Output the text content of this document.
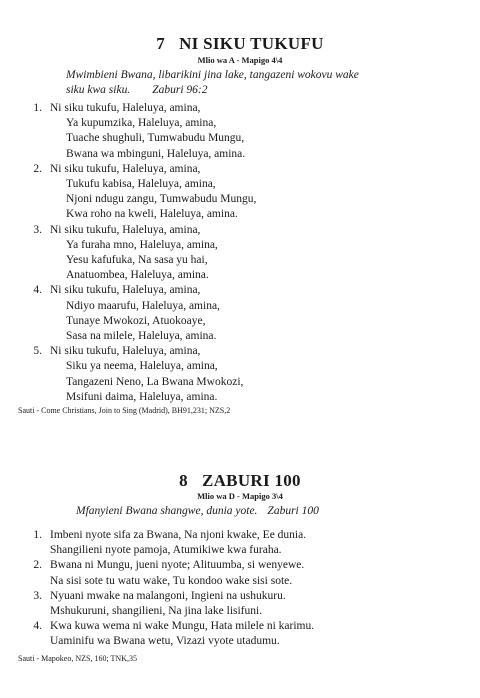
7 NI SIKU TUKUFU
Mlio wa A - Mapigo 4\4
Mwimbieni Bwana, libarikini jina lake, tangazeni wokovu wake
siku kwa siku. Zaburi 96:2
1. Ni siku tukufu, Haleluya, amina,
Ya kupumzika, Haleluya, amina,
Tuache shughuli, Tumwabudu Mungu,
Bwana wa mbinguni, Haleluya, amina.
2. Ni siku tukufu, Haleluya, amina,
Tukufu kabisa, Haleluya, amina,
Njoni ndugu zangu, Tumwabudu Mungu,
Kwa roho na kweli, Haleluya, amina.
3. Ni siku tukufu, Haleluya, amina,
Ya furaha mno, Haleluya, amina,
Yesu kafufuka, Na sasa yu hai,
Anatuombea, Haleluya, amina.
4. Ni siku tukufu, Haleluya, amina,
Ndiyo maarufu, Haleluya, amina,
Tunaye Mwokozi, Atuokoaye,
Sasa na milele, Haleluya, amina.
5. Ni siku tukufu, Haleluya, amina,
Siku ya neema, Haleluya, amina,
Tangazeni Neno, La Bwana Mwokozi,
Msifuni daima, Haleluya, amina.
Sauti - Come Christians, Join to Sing (Madrid), BH91,231; NZS,2
8 ZABURI 100
Mlio wa D - Mapigo 3\4
Mfanyieni Bwana shangwe, dunia yote. Zaburi 100
1. Imbeni nyote sifa za Bwana, Na njoni kwake, Ee dunia.
Shangilieni nyote pamoja, Atumikiwe kwa furaha.
2. Bwana ni Mungu, jueni nyote; Alituumba, si wenyewe.
Na sisi sote tu watu wake, Tu kondoo wake sisi sote.
3. Nyuani mwake na malangoni, Ingieni na ushukuru.
Mshukuruni, shangilieni, Na jina lake lisifuni.
4. Kwa kuwa wema ni wake Mungu, Hata milele ni karimu.
Uaminifu wa Bwana wetu, Vizazi vyote utadumu.
Sauti - Mapokeo, NZS, 160; TNK,35
